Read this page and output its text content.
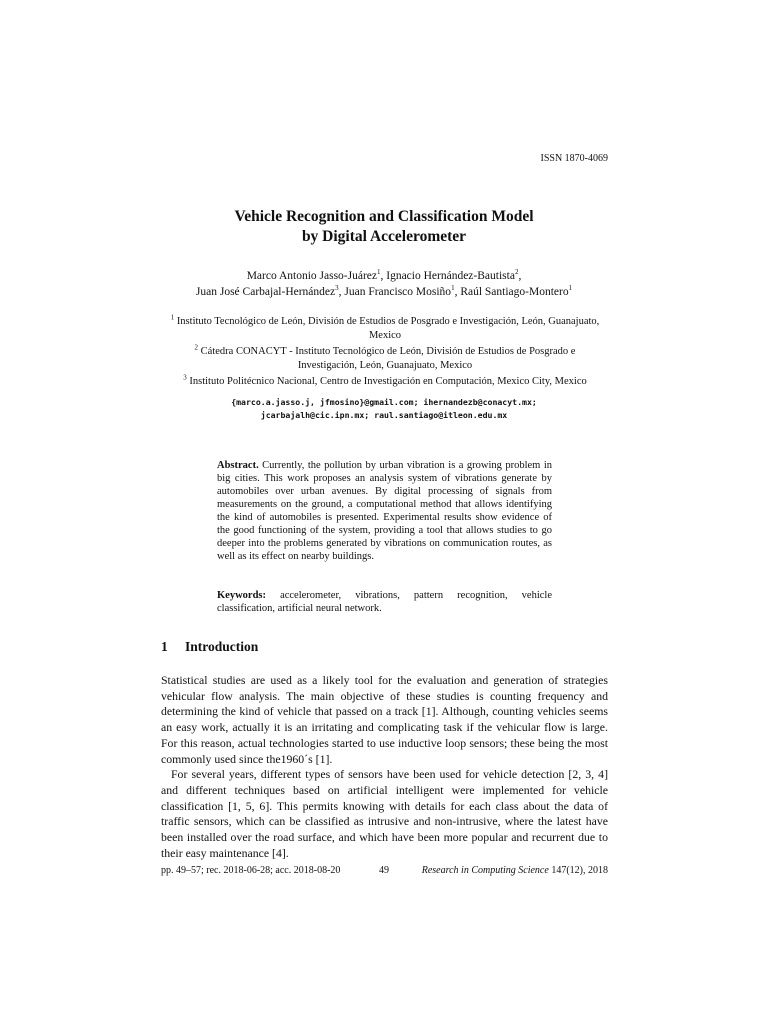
ISSN 1870-4069
Vehicle Recognition and Classification Model
by Digital Accelerometer
Marco Antonio Jasso-Juárez$^1$, Ignacio Hernández-Bautista$^2$,
Juan José Carbajal-Hernández$^3$, Juan Francisco Mosiño$^1$, Raúl Santiago-Montero$^1$

$^1$ Instituto Tecnológico de León, División de Estudios de Posgrado e Investigación, León, Guanajuato, Mexico

$^2$ Cátedra CONACYT - Instituto Tecnológico de León, División de Estudios de Posgrado e Investigación, León, Guanajuato, Mexico

$^3$ Instituto Politécnico Nacional, Centro de Investigación en Computación, Mexico City, Mexico

{marco.a.jasso.j, jfmosino}@gmail.com; ihernandezb@conacyt.mx;
jcarbajalh@cic.ipn.mx; raul.santiago@itleon.edu.mx

Abstract. Currently, the pollution by urban vibration is a growing problem in big cities. This work proposes an analysis system of vibrations generate by automobiles over urban avenues. By digital processing of signals from measurements on the ground, a computational method that allows identifying the kind of automobiles is presented. Experimental results show evidence of the good functioning of the system, providing a tool that allows studies to go deeper into the problems generated by vibrations on communication routes, as well as its effect on nearby buildings.

Keywords: accelerometer, vibrations, pattern recognition, vehicle classification, artificial neural network.

1 Introduction

Statistical studies are used as a likely tool for the evaluation and generation of strategies vehicular flow analysis. The main objective of these studies is counting frequency and determining the kind of vehicle that passed on a track [1]. Although, counting vehicles seems an easy work, actually it is an irritating and complicating task if the vehicular flow is large. For this reason, actual technologies started to use inductive loop sensors; these being the most commonly used since the1960´s [1].

For several years, different types of sensors have been used for vehicle detection [2, 3, 4] and different techniques based on artificial intelligent were implemented for vehicle classification [1, 5, 6]. This permits knowing with details for each class about the data of traffic sensors, which can be classified as intrusive and non-intrusive, where the latest have been installed over the road surface, and which have been more popular and recurrent due to their easy maintenance [4].

pp. 49–57; rec. 2018-06-28; acc. 2018-08-20	49	Research in Computing Science 147(12), 2018
